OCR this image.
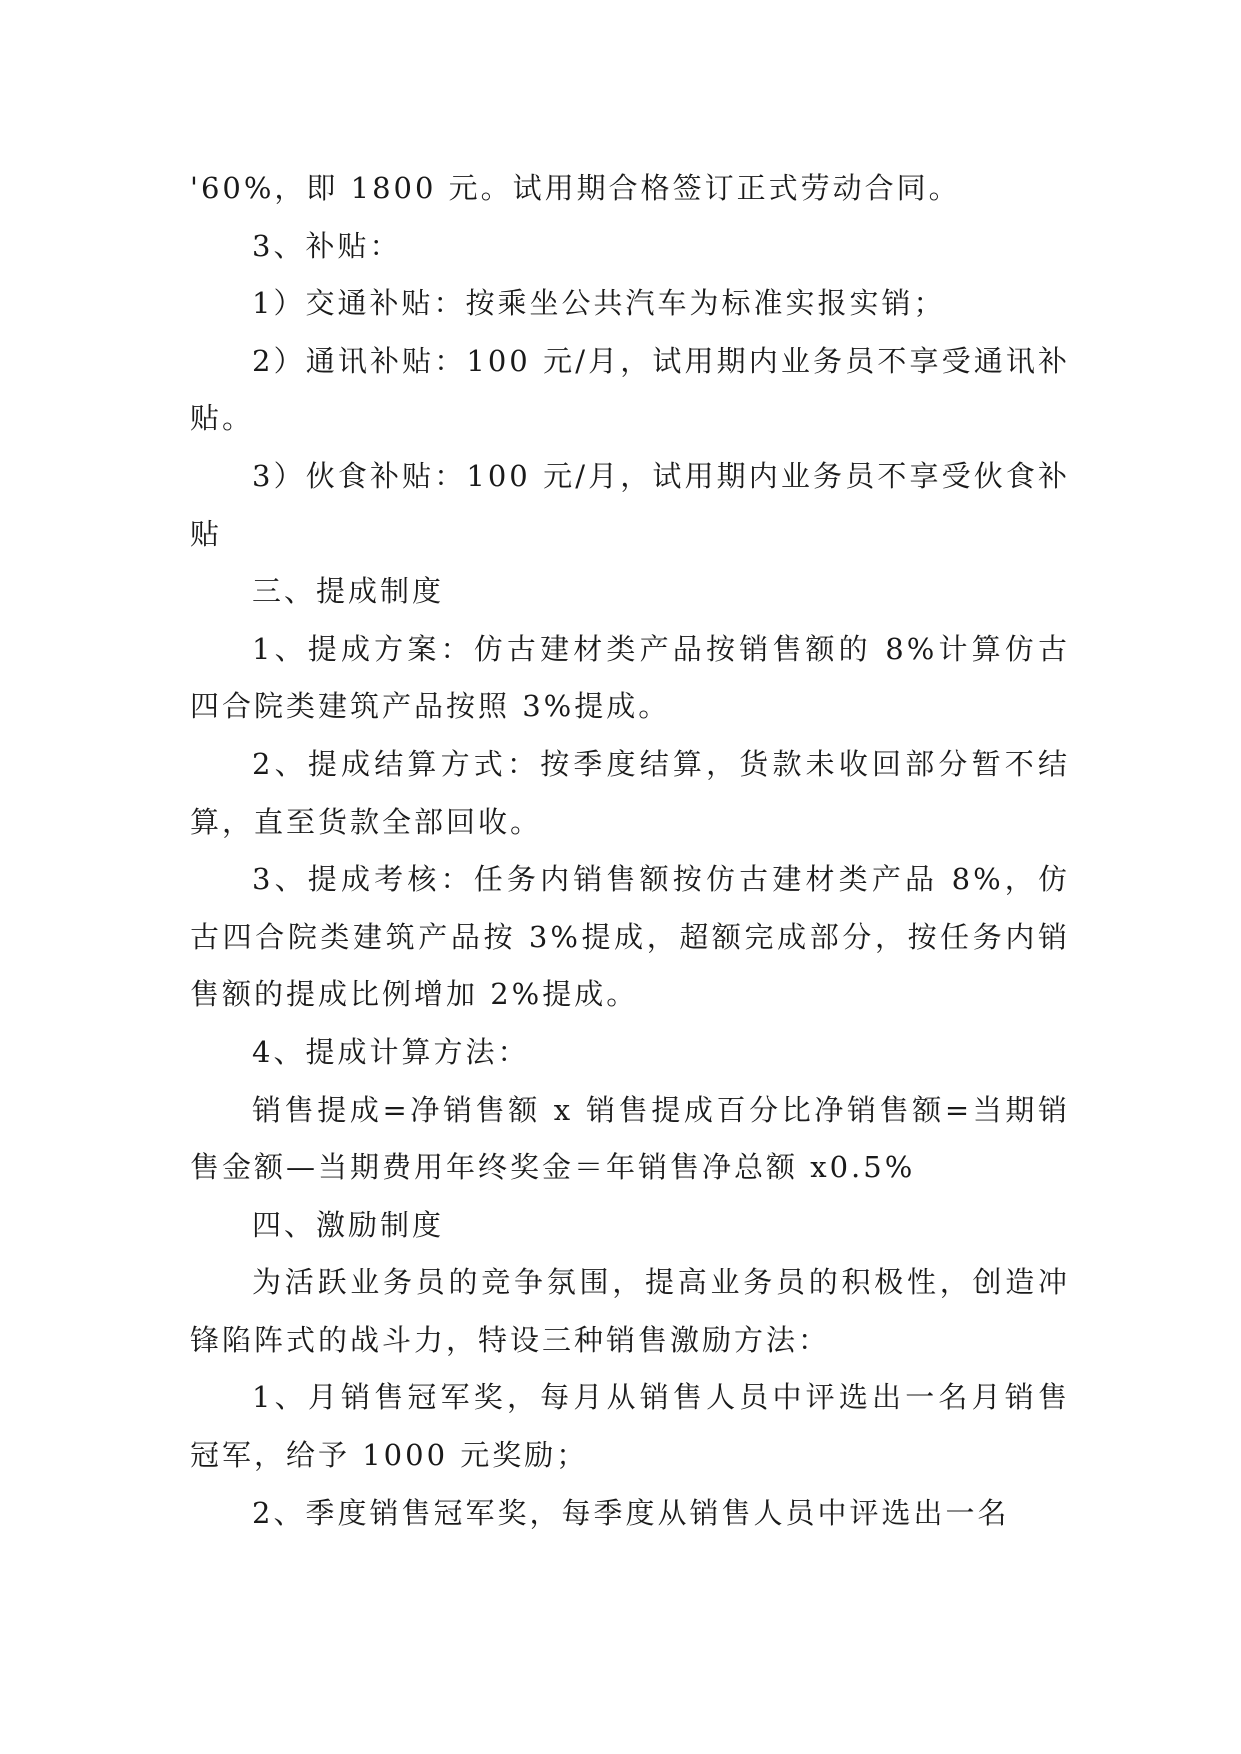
'60%，即 1800 元。试用期合格签订正式劳动合同。

3、补贴：

1）交通补贴：按乘坐公共汽车为标准实报实销；

2）通讯补贴：100 元/月，试用期内业务员不享受通讯补贴。

3）伙食补贴：100 元/月，试用期内业务员不享受伙食补贴

三、提成制度

1、提成方案：仿古建材类产品按销售额的 8%计算仿古四合院类建筑产品按照 3%提成。

2、提成结算方式：按季度结算，货款未收回部分暂不结算，直至货款全部回收。

3、提成考核：任务内销售额按仿古建材类产品 8%，仿古四合院类建筑产品按 3%提成，超额完成部分，按任务内销售额的提成比例增加 2%提成。

4、提成计算方法：

销售提成=净销售额 x 销售提成百分比净销售额=当期销售金额—当期费用年终奖金＝年销售净总额 x0.5%

四、激励制度

为活跃业务员的竞争氛围，提高业务员的积极性，创造冲锋陷阵式的战斗力，特设三种销售激励方法：

1、月销售冠军奖，每月从销售人员中评选出一名月销售冠军，给予 1000 元奖励；

2、季度销售冠军奖，每季度从销售人员中评选出一名
